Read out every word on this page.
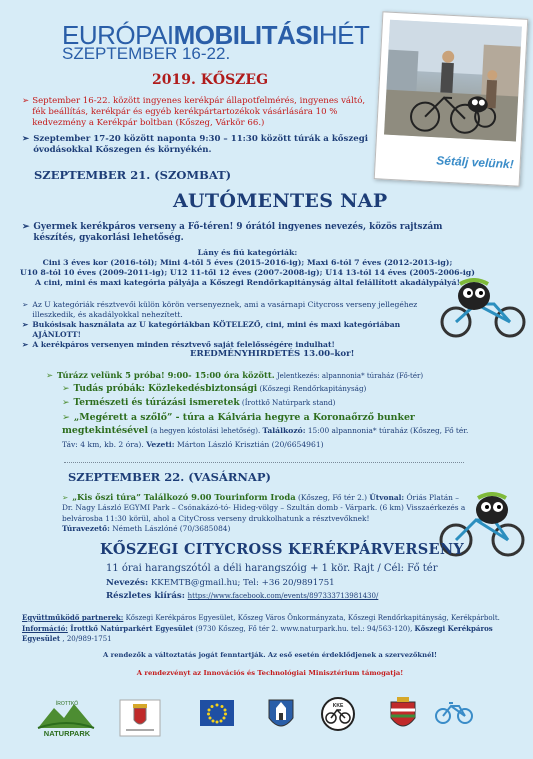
EURÓPAIMOBILITÁSIHÉT
SZEPTEMBER 16-22.
Sétálj velünk!
2019. KŐSZEG
➢ September 16-22. között ingyenes kerékpár állapotfelmérés, ingyenes váltó, fék beállítás, kerékpár és egyéb kerékpártartozékok vásárlására 10 % kedvezmény a Kerékpár boltban (Kőszeg, Várkör 66.)
➢ Szeptember 17-20 között naponta 9:30 – 11:30 között túrák a kőszegi óvodásokkal Kőszegen és környékén.
SZEPTEMBER 21. (SZOMBAT)
AUTÓMENTES NAP
➢ Gyermek kerékpáros verseny a Fő-téren! 9 órától ingyenes nevezés, közös rajtszám készítés, gyakorlási lehetőség.
Lány és fiú kategóriák:
Cini 3 éves kor (2016-tól); Mini 4-től 5 éves (2015-2016-ig); Maxi 6-tól 7 éves (2012-2013-ig);
U10 8-tól 10 éves (2009-2011-ig); U12 11-től 12 éves (2007-2008-ig); U14 13-tól 14 éves (2005-2006-ig)
A cini, mini és maxi kategória pályája a Kőszegi Rendőrkapitányság által felállított akadálypályá!
➢ Az U kategóriák résztvevői külön körön versenyeznek, ami a vasárnapi Citycross verseny jellegéhez illeszkedik, és akadályokkal nehezített.
➢ Bukósisak használata az U kategóriákban KÖTELEZŐ, cini, mini és maxi kategóriában AJÁNLOTT!
➢ A kerékpáros versenyen minden résztvevő saját felelősségére indulhat!
EREDMÉNYHIRDETÉS 13.00–kor!
➢ Túrázz velünk 5 próba! 9:00- 15:00 óra között. Jelentkezés: alpannonia* túraház (Fő-tér)
➢ Tudás próbák: Közlekedésbiztonsági (Kőszegi Rendőrkapitányság)
➢ Természeti és túrázási ismeretek (Írottkő Natúrpark stand)
➢ „Megérett a szőlő” - túra a Kálvária hegyre a Koronaőrző bunker megtekintésével (a hegyen kóstolási lehetőség). Találkozó: 15:00 alpannonia* túraház (Kőszeg, Fő tér.
Táv: 4 km, kb. 2 óra). Vezeti: Márton László Krisztián (20/6654961)
SZEPTEMBER 22. (VASÁRNAP)
➢ „Kis őszi túra” Találkozó 9.00 Tourinform Iroda (Kőszeg, Fő tér 2.) Útvonal: Óriás Platán – Dr. Nagy László EGYMI Park – Csónakázó-tó- Hideg-völgy – Szultán domb - Várpark. (6 km) Visszaérkezés a belvárosba 11:30 körül, ahol a CityCross verseny drukkolhatunk a résztvevőknek!
Túravezető: Németh Lászlóné (70/3685084)
KŐSZEGI CITYCROSS KERÉKPÁRVERSENY
11 órai harangszótól a déli harangszóig + 1 kör. Rajt / Cél: Fő tér
Nevezés: KKEMTB@gmail.hu; Tel: +36 20/9891751
Részletes kiírás: https://www.facebook.com/events/897333713981430/
Együttműködő partnerek: Kőszegi Kerékpáros Egyesület, Kőszeg Város Önkormányzata, Kőszegi Rendőrkapitányság, Kerékpárbolt. Információ: Írottkő Natúrparkért Egyesület (9730 Kőszeg, Fő tér 2. www.naturpark.hu. tel.: 94/563-120), Kőszegi Kerékpáros Egyesület , 20/989-1751
A rendezők a változtatás jogát fenntartják. Az eső esetén érdeklődjenek a szervezőknél!
A rendezvényt az Innovációs és Technológiai Minisztérium támogatja!
NATURPARK
ÍROTTKŐ	KKE
